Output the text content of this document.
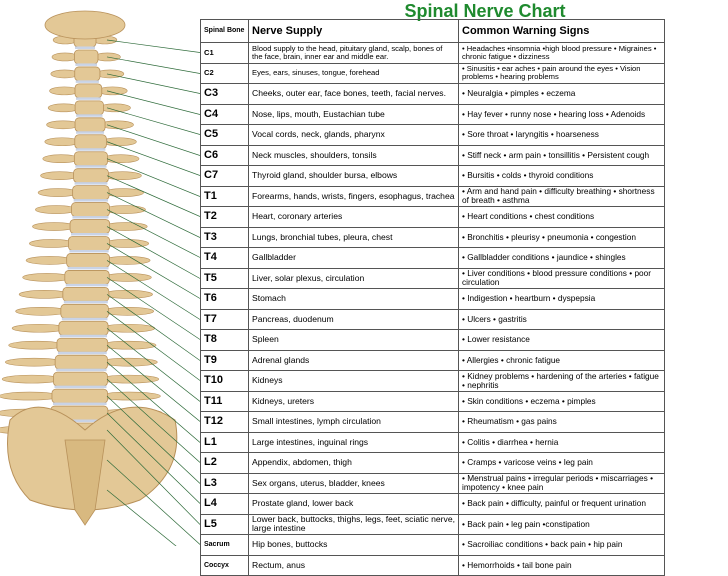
Spinal Nerve Chart
Spinal Bone	Nerve Supply	Common Warning Signs
C1	Blood supply to the head, pituitary gland, scalp, bones of the face, brain, inner ear and middle ear.	• Headaches •insomnia •high blood pressure • Migraines • chronic fatigue • dizziness
C2	Eyes, ears, sinuses, tongue, forehead	• Sinusitis • ear aches • pain around the eyes • Vision problems • hearing problems
C3	Cheeks, outer ear, face bones, teeth, facial nerves.	• Neuralgia • pimples • eczema
C4	Nose, lips, mouth, Eustachian tube	• Hay fever • runny nose • hearing loss • Adenoids
C5	Vocal cords, neck, glands, pharynx	• Sore throat • laryngitis • hoarseness
C6	Neck muscles, shoulders, tonsils	• Stiff neck • arm pain • tonsillitis • Persistent cough
C7	Thyroid gland, shoulder bursa, elbows	• Bursitis • colds • thyroid conditions
T1	Forearms, hands, wrists, fingers, esophagus, trachea	• Arm and hand pain • difficulty breathing • shortness of breath • asthma
T2	Heart, coronary arteries	• Heart conditions • chest conditions
T3	Lungs, bronchial tubes, pleura, chest	• Bronchitis • pleurisy • pneumonia • congestion
T4	Gallbladder	• Gallbladder conditions • jaundice • shingles
T5	Liver, solar plexus, circulation	• Liver conditions • blood pressure conditions • poor circulation
T6	Stomach	• Indigestion • heartburn • dyspepsia
T7	Pancreas, duodenum	• Ulcers • gastritis
T8	Spleen	• Lower resistance
T9	Adrenal glands	• Allergies • chronic fatigue
T10	Kidneys	• Kidney problems • hardening of the arteries • fatigue • nephritis
T11	Kidneys, ureters	• Skin conditions • eczema • pimples
T12	Small intestines, lymph circulation	• Rheumatism • gas pains
L1	Large intestines, inguinal rings	• Colitis • diarrhea • hernia
L2	Appendix, abdomen, thigh	• Cramps • varicose veins • leg pain
L3	Sex organs, uterus, bladder, knees	• Menstrual pains • irregular periods • miscarriages • impotency • knee pain
L4	Prostate gland, lower back	• Back pain • difficulty, painful or frequent urination
L5	Lower back, buttocks, thighs, legs, feet, sciatic nerve, large intestine	• Back pain • leg pain •constipation
Sacrum	Hip bones, buttocks	• Sacroiliac conditions • back pain • hip pain
Coccyx	Rectum, anus	• Hemorrhoids • tail bone pain
